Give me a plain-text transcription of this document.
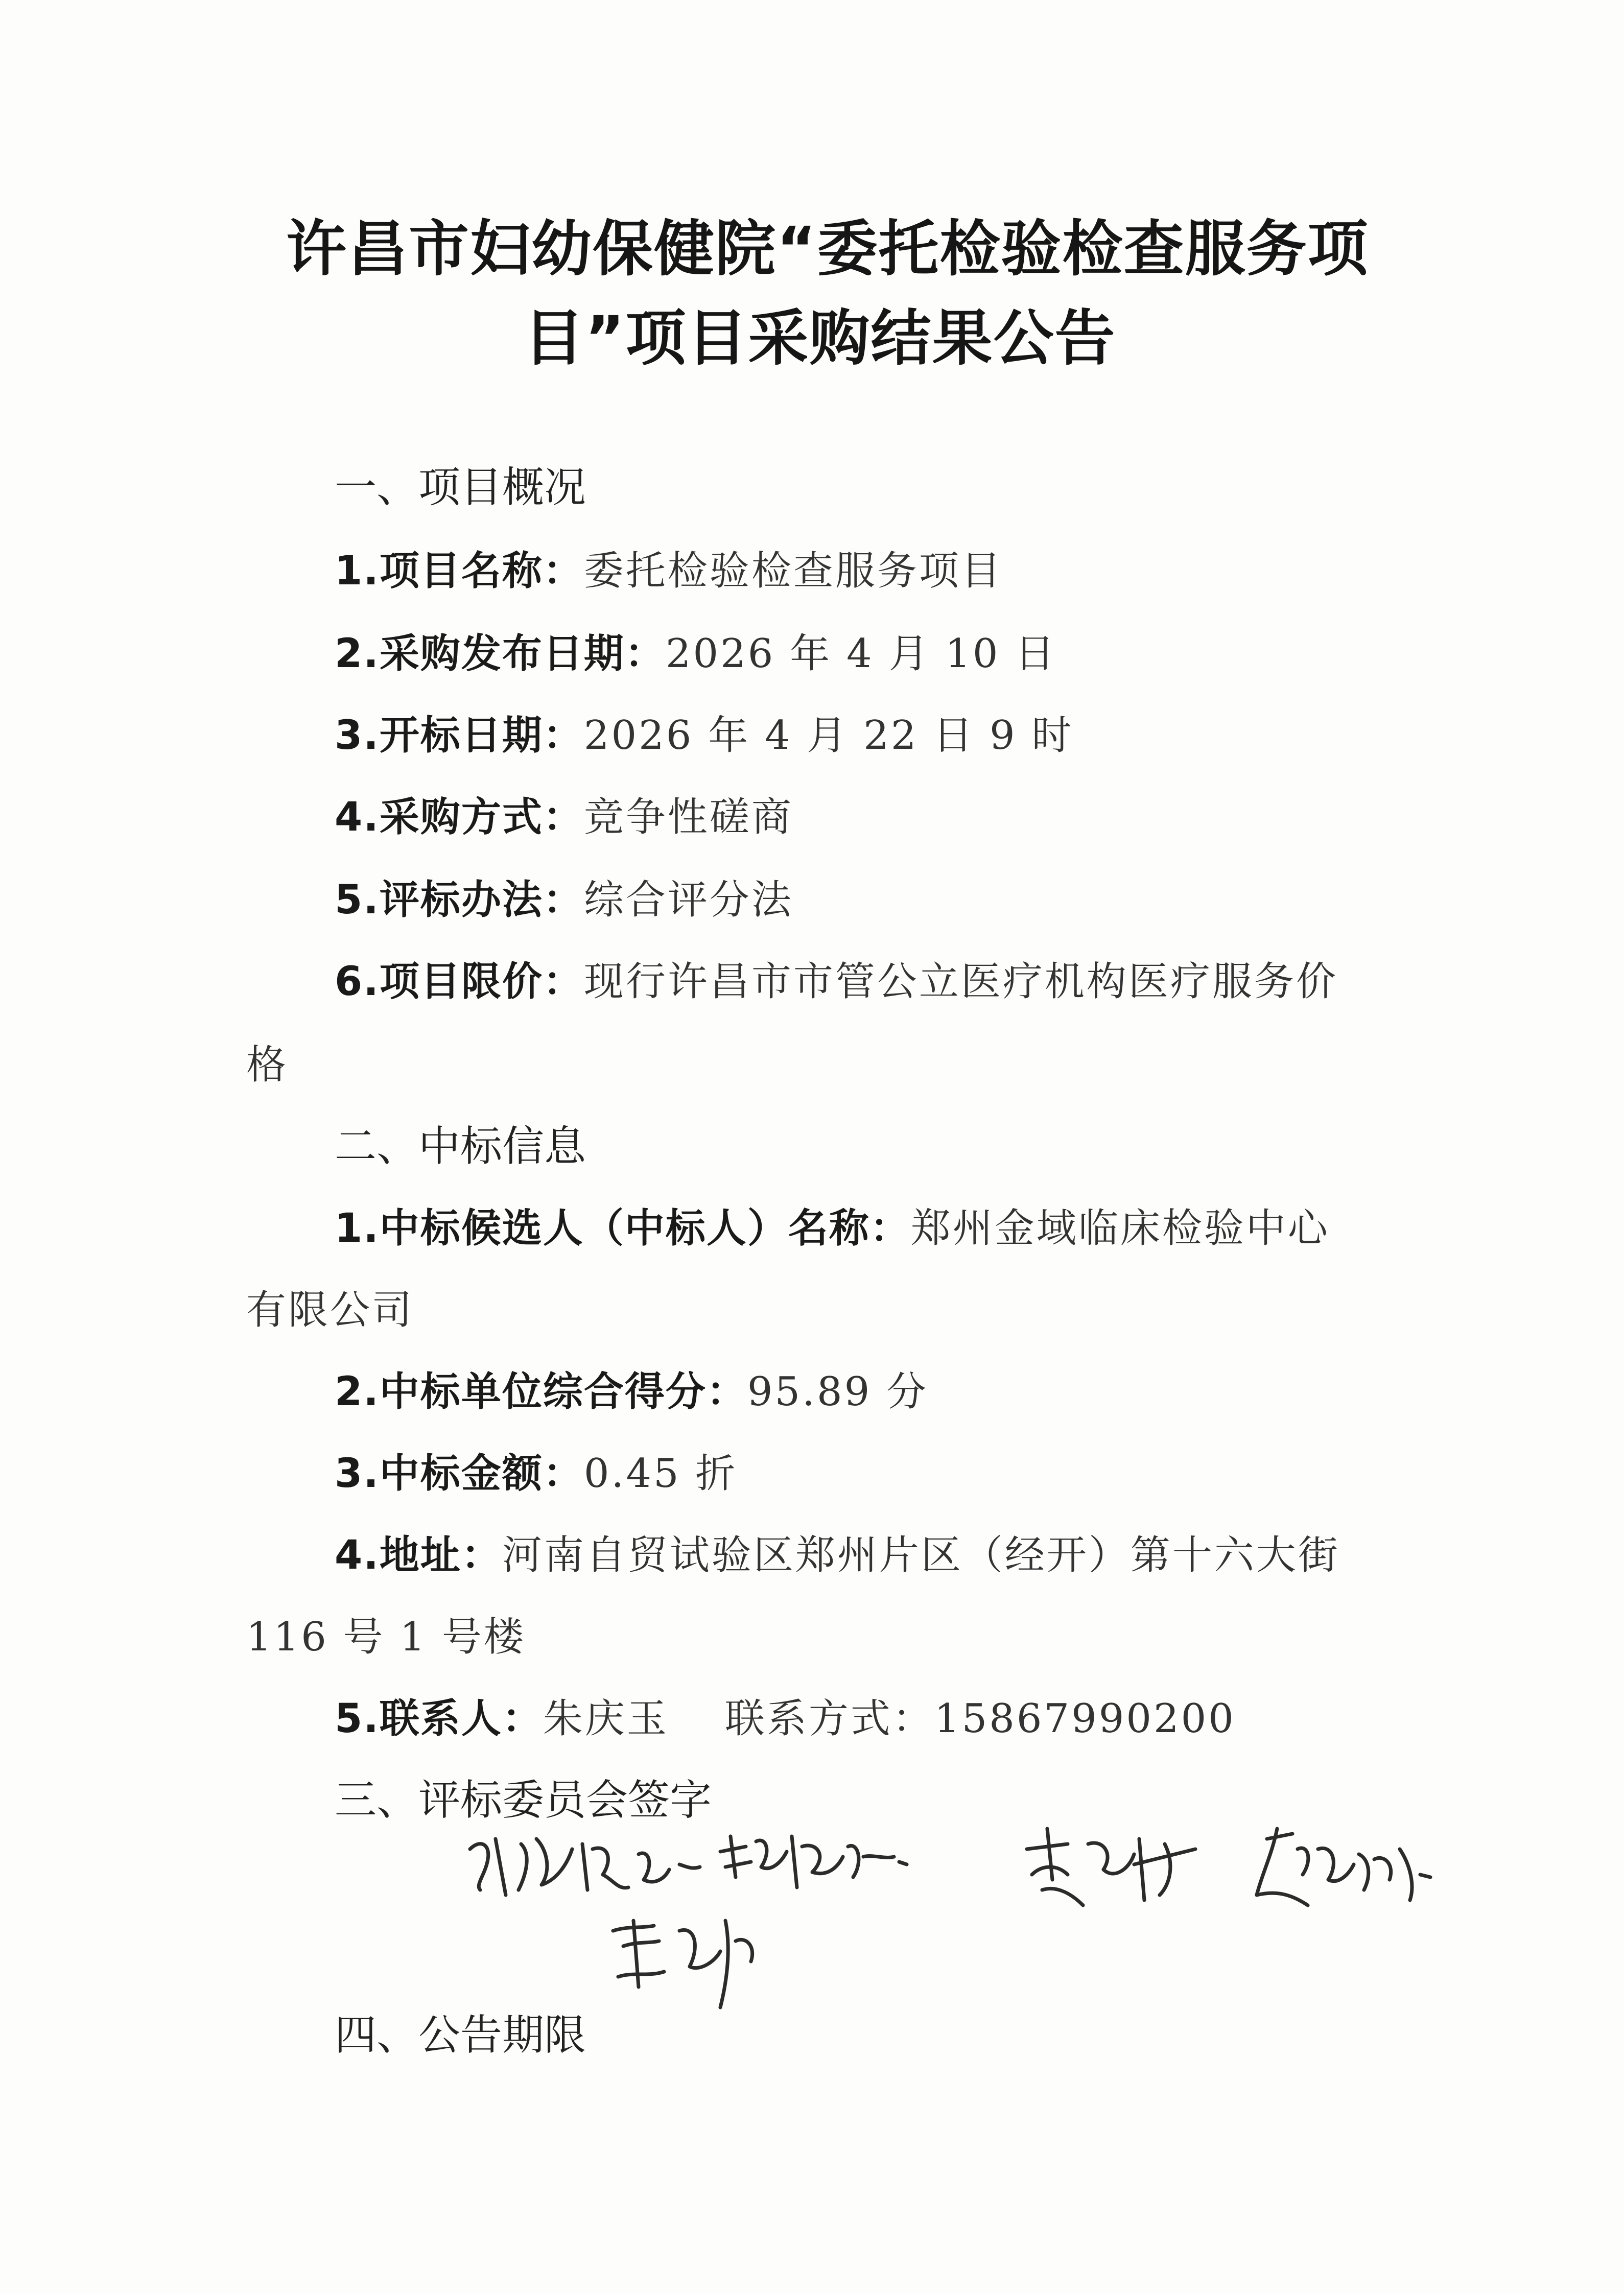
许昌市妇幼保健院“委托检验检查服务项
目”项目采购结果公告
一、项目概况
1.项目名称：委托检验检查服务项目
2.采购发布日期：2026 年 4 月 10 日
3.开标日期：2026 年 4 月 22 日 9 时
4.采购方式：竞争性磋商
5.评标办法：综合评分法
6.项目限价：现行许昌市市管公立医疗机构医疗服务价
格
二、中标信息
1.中标候选人（中标人）名称：郑州金域临床检验中心
有限公司
2.中标单位综合得分：95.89 分
3.中标金额：0.45 折
4.地址：河南自贸试验区郑州片区（经开）第十六大街
116 号 1 号楼
5.联系人：朱庆玉 联系方式：15867990200
三、评标委员会签字
四、公告期限
